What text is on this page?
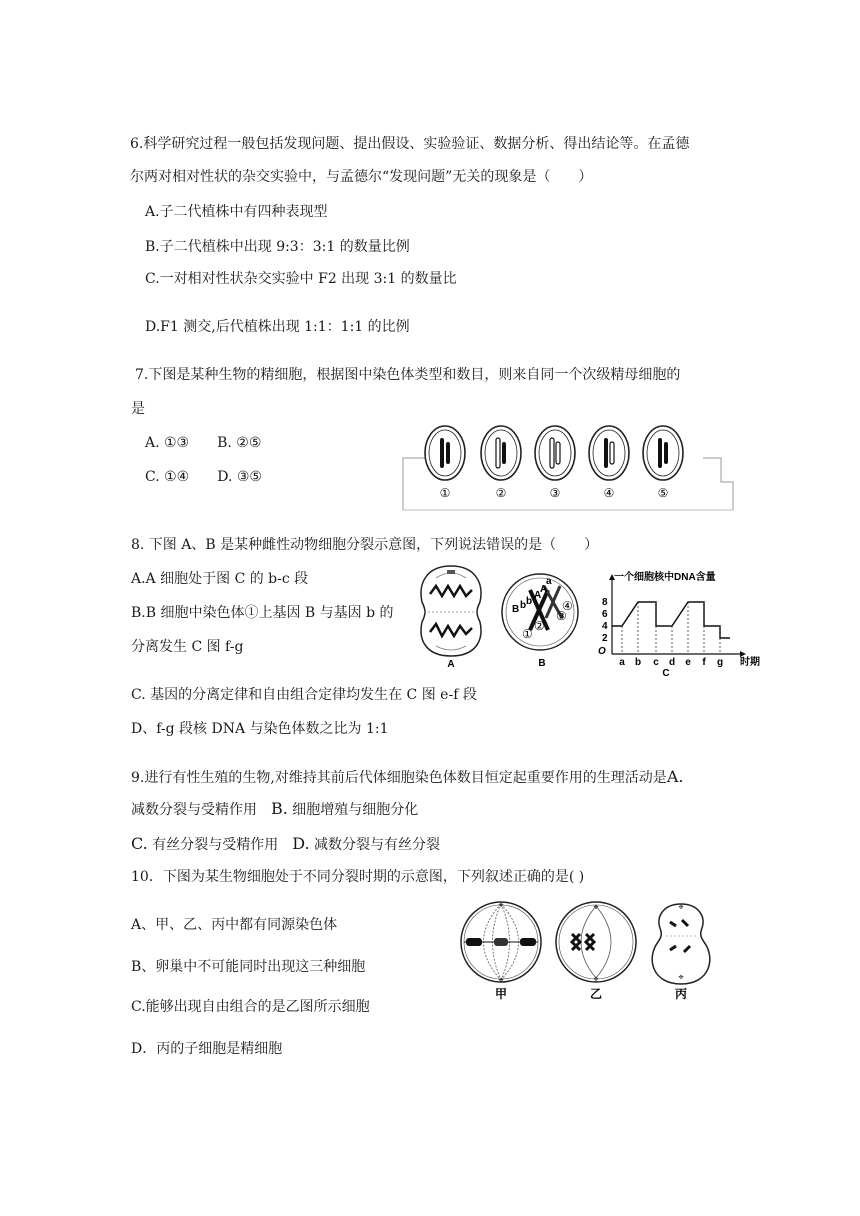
6.科学研究过程一般包括发现问题、提出假设、实验验证、数据分析、得出结论等。在孟德
尔两对相对性状的杂交实验中，与孟德尔“发现问题”无关的现象是（　　）
A.子二代植株中有四种表现型
B.子二代植株中出现 9:3：3:1 的数量比例
C.一对相对性状杂交实验中 F2 出现 3:1 的数量比
D.F1 测交,后代植株出现 1:1：1:1 的比例
7.下图是某种生物的精细胞，根据图中染色体类型和数目，则来自同一个次级精母细胞的
是
A. ①③　　B. ②⑤
C. ①④　　D. ③⑤
①	②	③	④	⑤
8. 下图 A、B 是某种雌性动物细胞分裂示意图，下列说法错误的是（　　）
A.A 细胞处于图 C 的 b-c 段
B.B 细胞中染色体①上基因 B 与基因 b 的
分离发生 C 图 f-g
C. 基因的分离定律和自由组合定律均发生在 C 图 e-f 段
D、f-g 段核 DNA 与染色体数之比为 1:1
A
B b b
A
A
a
①
②
③
④
B
一个细胞核中DNA含量
O
8
6
4
2
a b c d e f g 时期
C
9.进行有性生殖的生物,对维持其前后代体细胞染色体数目恒定起重要作用的生理活动是A.
减数分裂与受精作用　B. 细胞增殖与细胞分化
C. 有丝分裂与受精作用　D. 减数分裂与有丝分裂
10．下图为某生物细胞处于不同分裂时期的示意图，下列叙述正确的是( )
A、甲、乙、丙中都有同源染色体
B、卵巢中不可能同时出现这三种细胞
C.能够出现自由组合的是乙图所示细胞
D．丙的子细胞是精细胞
⌖
⌖
⌖
⌖
⌖
⌖
甲	乙	丙
